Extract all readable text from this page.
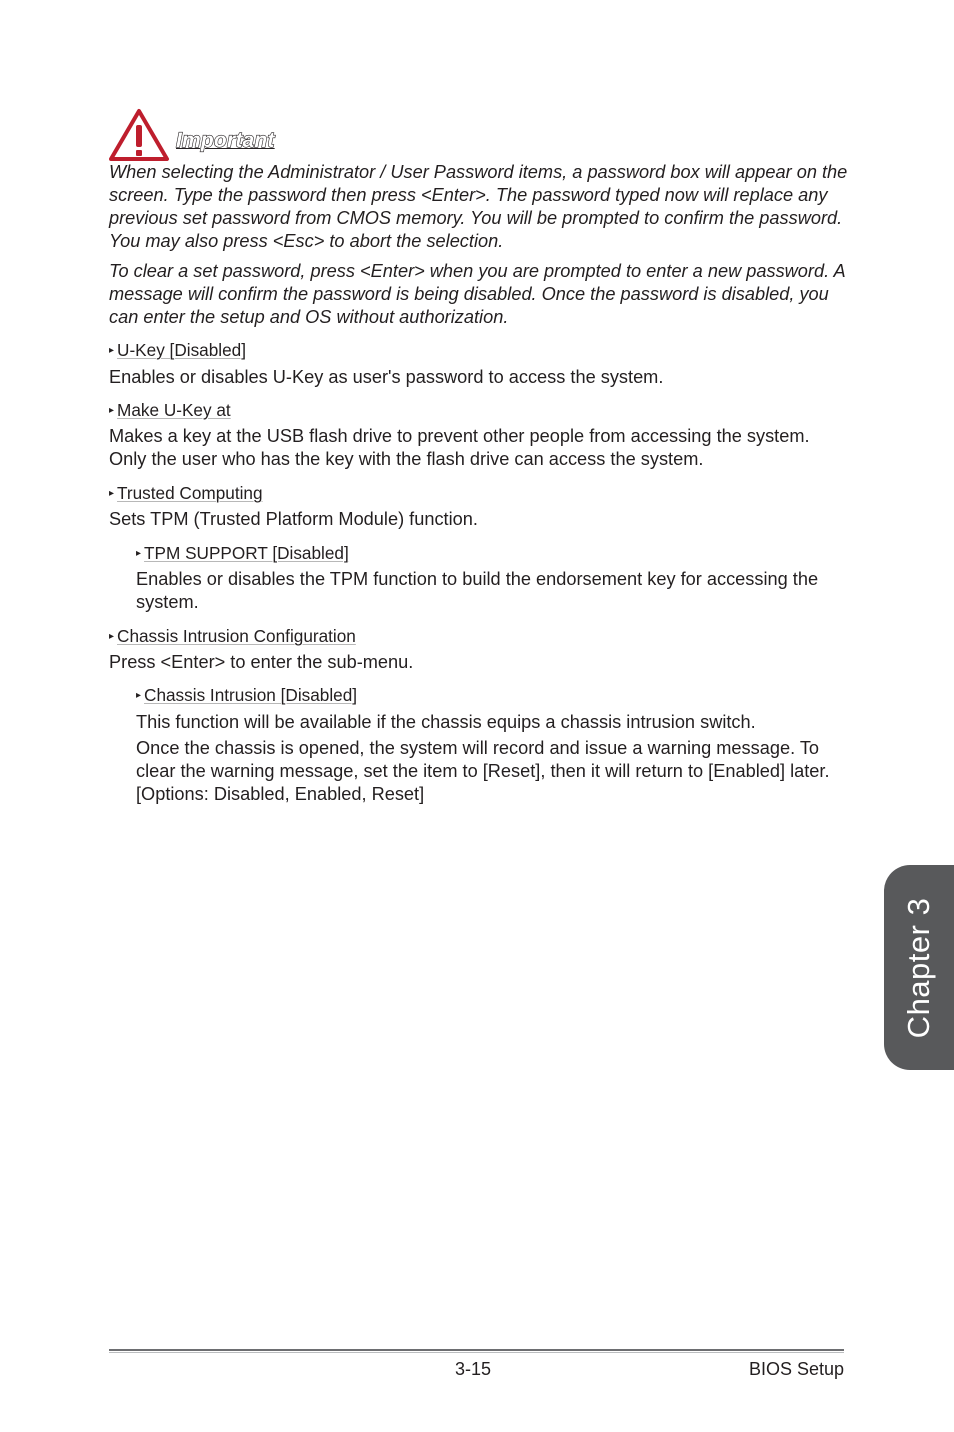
Important

When selecting the Administrator / User Password items, a password box will appear on the screen. Type the password then press <Enter>. The password typed now will replace any previous set password from CMOS memory. You will be prompted to confirm the password. You may also press <Esc> to abort the selection.

To clear a set password, press <Enter> when you are prompted to enter a new password. A message will confirm the password is being disabled. Once the password is disabled, you can enter the setup and OS without authorization.

▸ U-Key [Disabled]

Enables or disables U-Key as user's password to access the system.

▸ Make U-Key at

Makes a key at the USB flash drive to prevent other people from accessing the system. Only the user who has the key with the flash drive can access the system.

▸ Trusted Computing

Sets TPM (Trusted Platform Module) function.

▸ TPM SUPPORT [Disabled]

Enables or disables the TPM function to build the endorsement key for accessing the system.

▸ Chassis Intrusion Configuration

Press <Enter> to enter the sub-menu.

▸ Chassis Intrusion [Disabled]

This function will be available if the chassis equips a chassis intrusion switch.

Once the chassis is opened, the system will record and issue a warning message. To clear the warning message, set the item to [Reset], then it will return to [Enabled] later. [Options: Disabled, Enabled, Reset]

Chapter 3
3-15	BIOS Setup
